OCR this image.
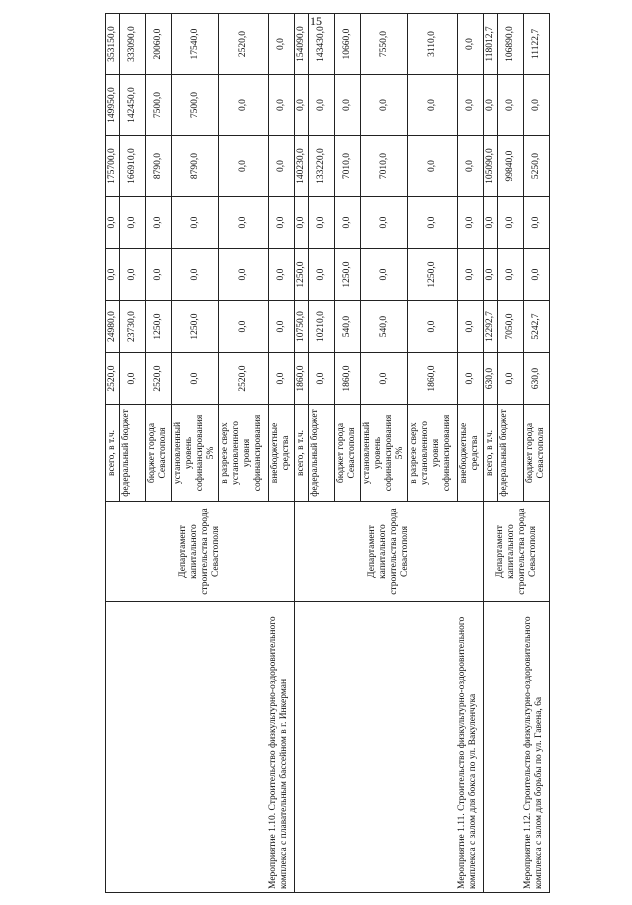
15
Мероприятие 1.10. Строительство физкультурно-оздоровительного комплекса с плавательным бассейном в г. Инкерман	Департамент капитального строительства города Севастополя	всего, в т.ч.	2520,0	24980,0	0,0	0,0	175700,0	149950,0	353150,0
		федеральный бюджет	0,0	23730,0	0,0	0,0	166910,0	142450,0	333090,0
		бюджет города Севастополя	2520,0	1250,0	0,0	0,0	8790,0	7500,0	20060,0
		установленный уровень софинансирования 5%	0,0	1250,0	0,0	0,0	8790,0	7500,0	17540,0
		в разрезе сверх установленного уровня софинансирования	2520,0	0,0	0,0	0,0	0,0	0,0	2520,0
		внебюджетные средства	0,0	0,0	0,0	0,0	0,0	0,0	0,0
Мероприятие 1.11. Строительство физкультурно-оздоровительного комплекса с залом для бокса по ул. Вакуленчука	Департамент капитального строительства города Севастополя	всего, в т.ч.	1860,0	10750,0	1250,0	0,0	140230,0	0,0	154090,0
		федеральный бюджет	0,0	10210,0	0,0	0,0	133220,0	0,0	143430,0
		бюджет города Севастополя	1860,0	540,0	1250,0	0,0	7010,0	0,0	10660,0
		установленный уровень софинансирования 5%	0,0	540,0	0,0	0,0	7010,0	0,0	7550,0
		в разрезе сверх установленного уровня софинансирования	1860,0	0,0	1250,0	0,0	0,0	0,0	3110,0
		внебюджетные средства	0,0	0,0	0,0	0,0	0,0	0,0	0,0
Мероприятие 1.12. Строительство физкультурно-оздоровительного комплекса с залом для борьбы по ул. Гавена, 6а	Департамент капитального строительства города Севастополя	всего, в т.ч.	630,0	12292,7	0,0	0,0	105090,0	0,0	118012,7
		федеральный бюджет	0,0	7050,0	0,0	0,0	99840,0	0,0	106890,0
		бюджет города Севастополя	630,0	5242,7	0,0	0,0	5250,0	0,0	11122,7
